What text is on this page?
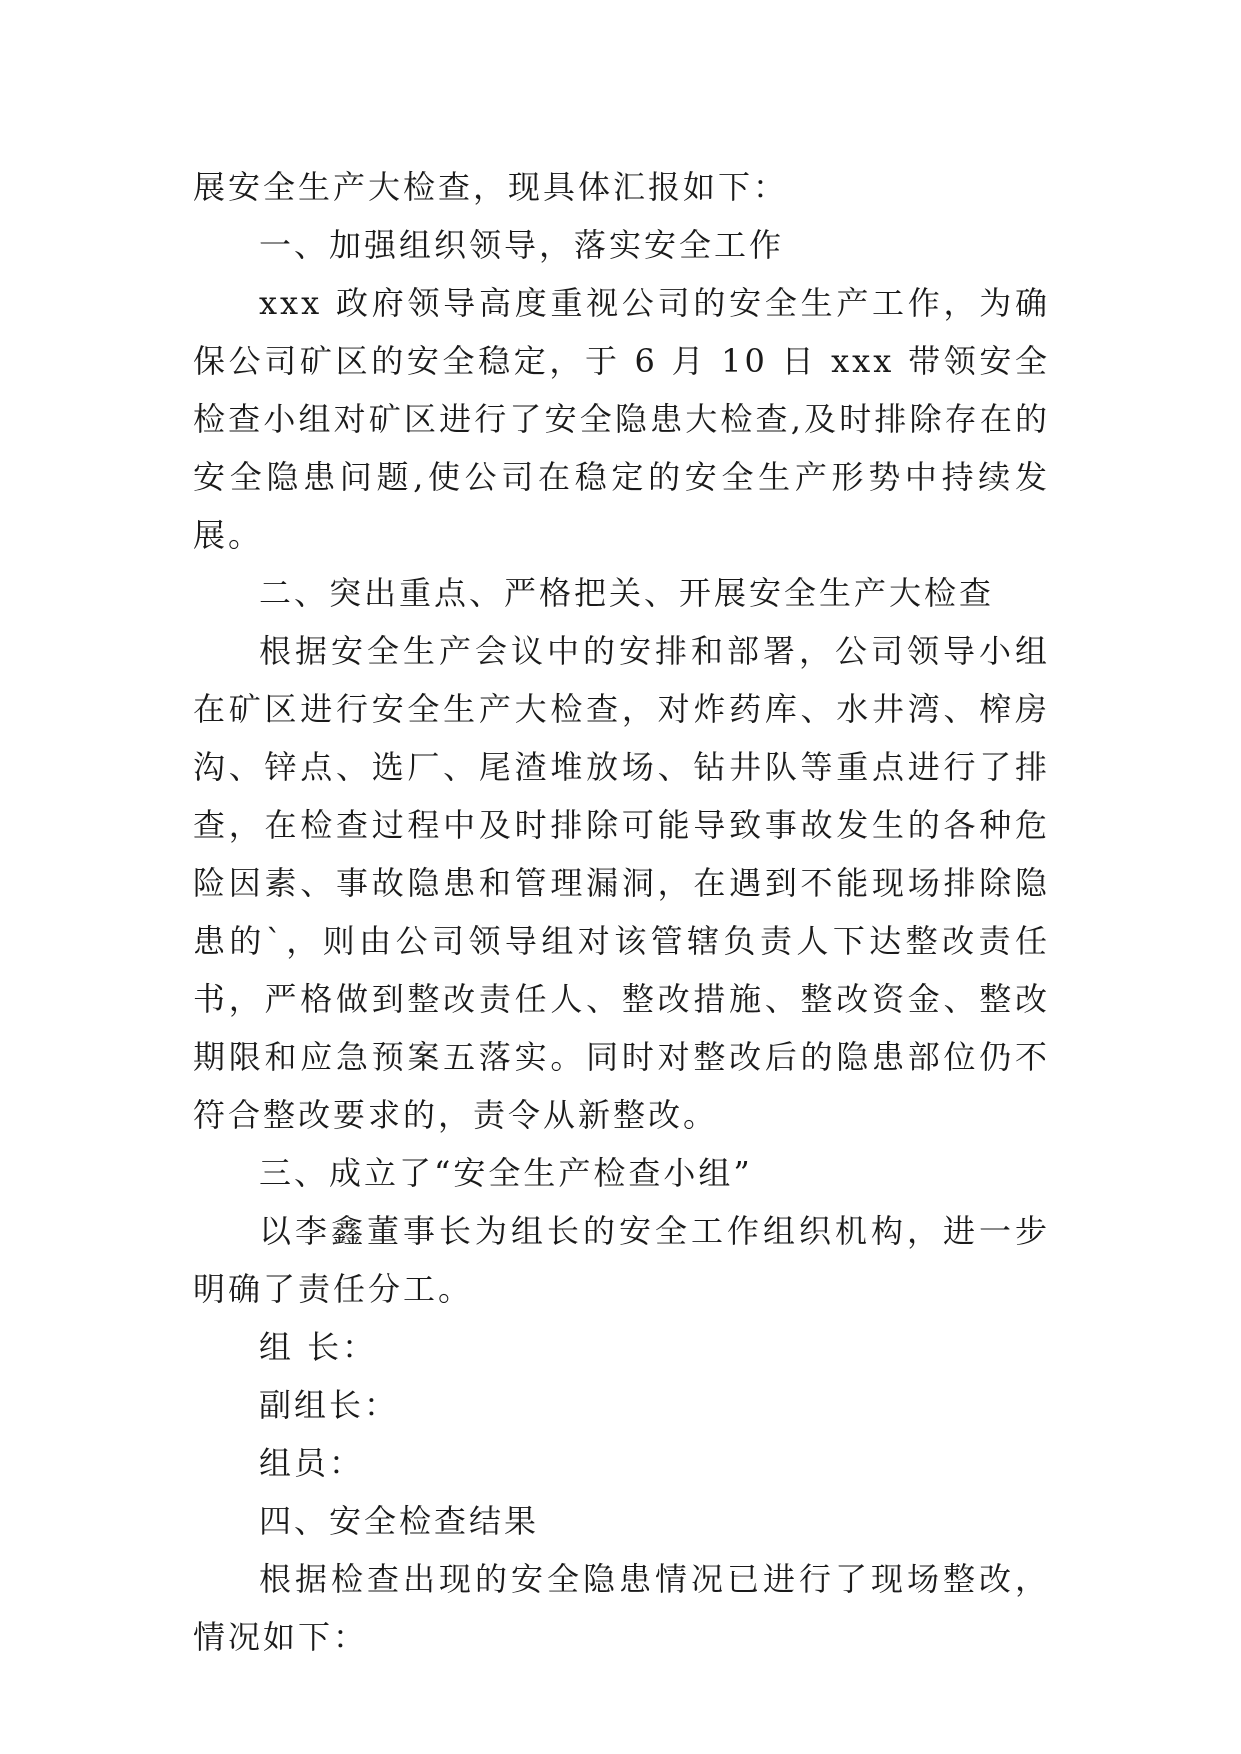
展安全生产大检查，现具体汇报如下：

一、加强组织领导，落实安全工作

xxx 政府领导高度重视公司的安全生产工作，为确保公司矿区的安全稳定，于 6 月 10 日 xxx 带领安全检查小组对矿区进行了安全隐患大检查,及时排除存在的安全隐患问题,使公司在稳定的安全生产形势中持续发展。

二、突出重点、严格把关、开展安全生产大检查

根据安全生产会议中的安排和部署，公司领导小组在矿区进行安全生产大检查，对炸药库、水井湾、榨房沟、锌点、选厂、尾渣堆放场、钻井队等重点进行了排查，在检查过程中及时排除可能导致事故发生的各种危险因素、事故隐患和管理漏洞，在遇到不能现场排除隐患的`，则由公司领导组对该管辖负责人下达整改责任书，严格做到整改责任人、整改措施、整改资金、整改期限和应急预案五落实。同时对整改后的隐患部位仍不符合整改要求的，责令从新整改。

三、成立了“安全生产检查小组”

以李鑫董事长为组长的安全工作组织机构，进一步明确了责任分工。

组 长：

副组长：

组员：

四、安全检查结果

根据检查出现的安全隐患情况已进行了现场整改，情况如下：
